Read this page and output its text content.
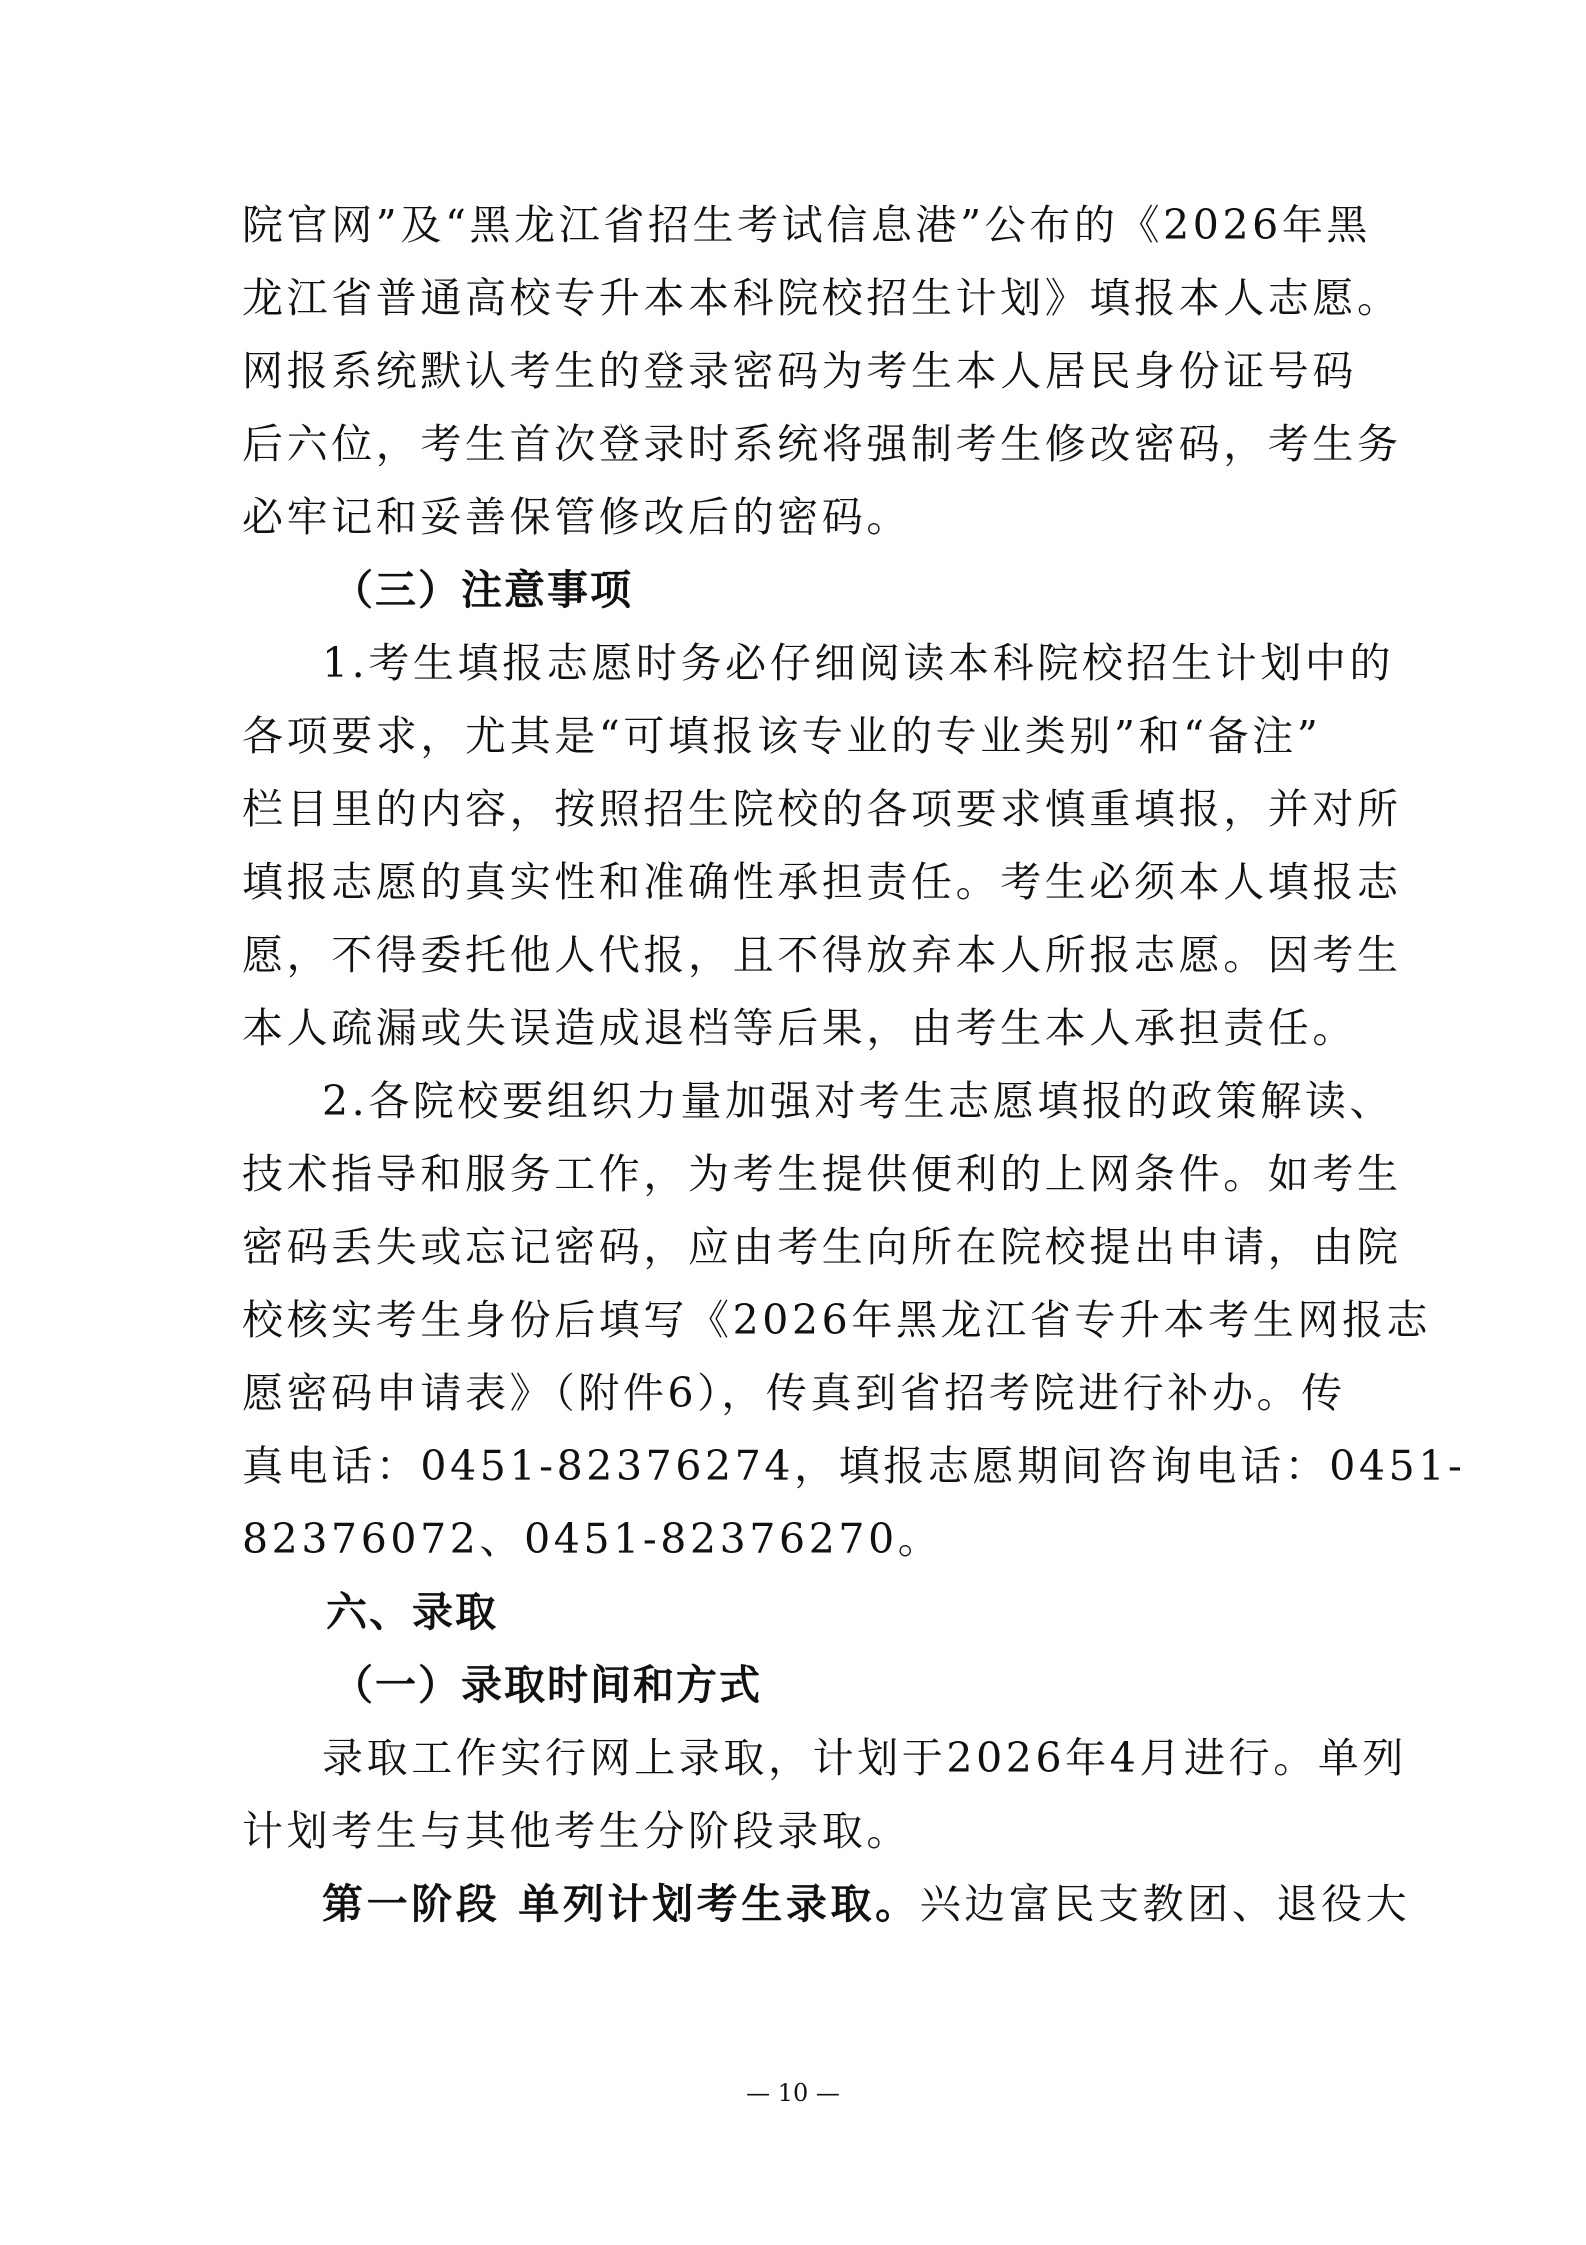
院官网”及“黑龙江省招生考试信息港”公布的《2026年黑
龙江省普通高校专升本本科院校招生计划》填报本人志愿。
网报系统默认考生的登录密码为考生本人居民身份证号码
后六位，考生首次登录时系统将强制考生修改密码，考生务
必牢记和妥善保管修改后的密码。
（三）注意事项
1.考生填报志愿时务必仔细阅读本科院校招生计划中的
各项要求，尤其是“可填报该专业的专业类别”和“备注”
栏目里的内容，按照招生院校的各项要求慎重填报，并对所
填报志愿的真实性和准确性承担责任。考生必须本人填报志
愿，不得委托他人代报，且不得放弃本人所报志愿。因考生
本人疏漏或失误造成退档等后果，由考生本人承担责任。
2.各院校要组织力量加强对考生志愿填报的政策解读、
技术指导和服务工作，为考生提供便利的上网条件。如考生
密码丢失或忘记密码，应由考生向所在院校提出申请，由院
校核实考生身份后填写《2026年黑龙江省专升本考生网报志
愿密码申请表》（附件6），传真到省招考院进行补办。传
真电话：0451-82376274，填报志愿期间咨询电话：0451-
82376072、0451-82376270。
六、录取
（一）录取时间和方式
录取工作实行网上录取，计划于2026年4月进行。单列
计划考生与其他考生分阶段录取。
第一阶段 单列计划考生录取。兴边富民支教团、退役大
— 10 —
